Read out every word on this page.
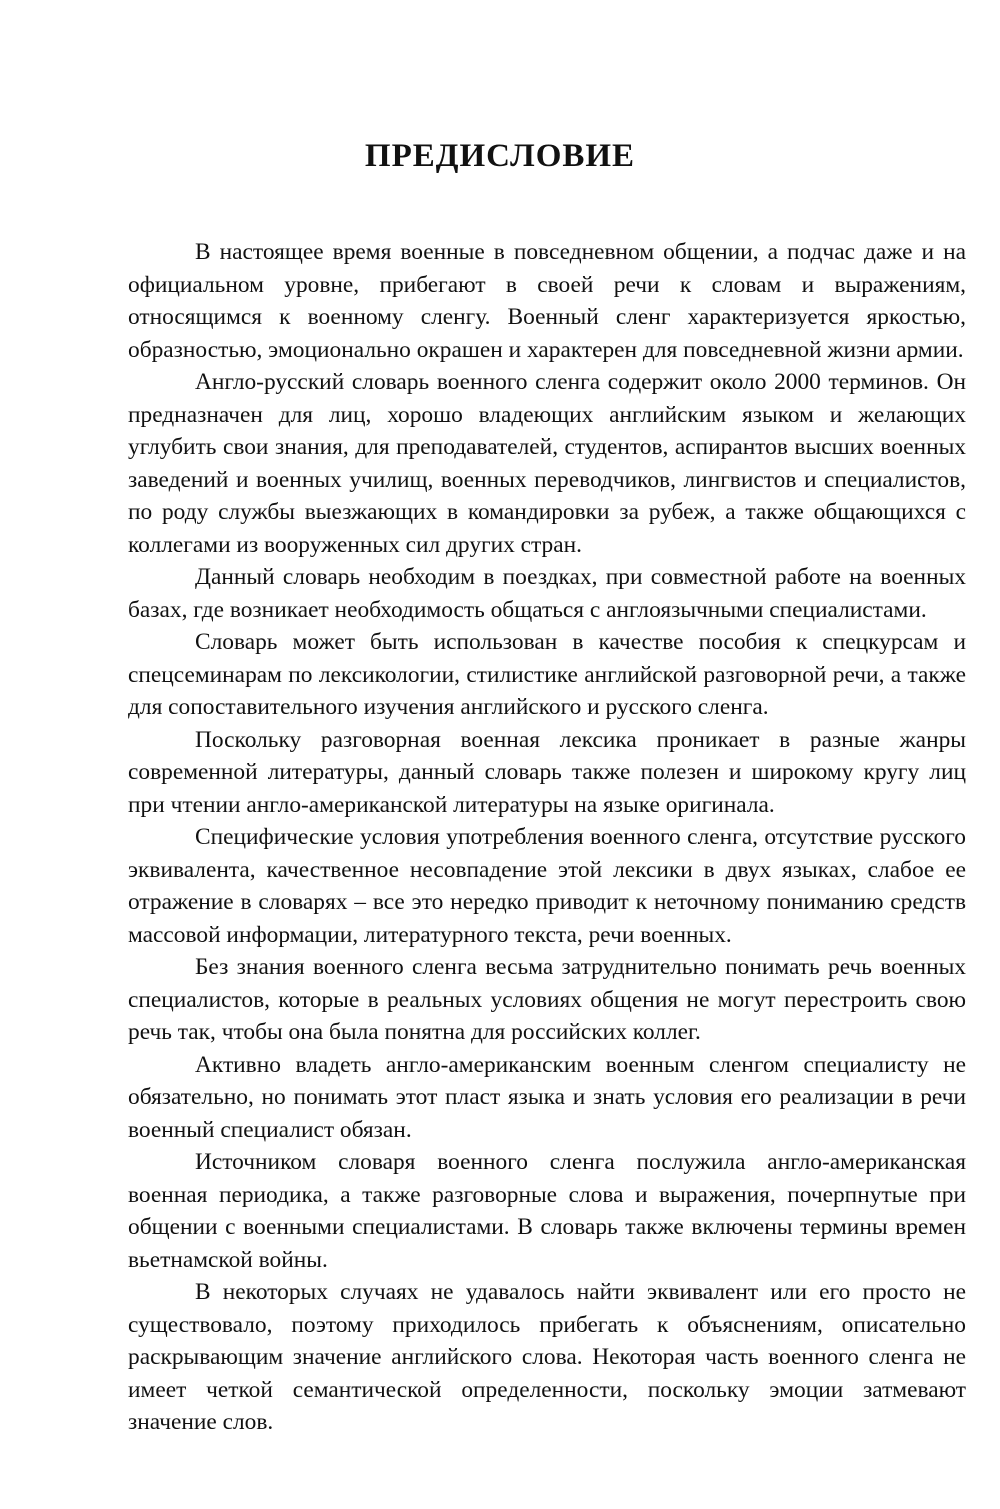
ПРЕДИСЛОВИЕ

В настоящее время военные в повседневном общении, а подчас даже и на официальном уровне, прибегают в своей речи к словам и выражениям, относящимся к военному сленгу. Военный сленг характеризуется яркостью, образностью, эмоционально окрашен и характерен для повседневной жизни армии.

Англо-русский словарь военного сленга содержит около 2000 терминов. Он предназначен для лиц, хорошо владеющих английским языком и желающих углубить свои знания, для преподавателей, студентов, аспирантов высших военных заведений и военных училищ, военных переводчиков, лингвистов и специалистов, по роду службы выезжающих в командировки за рубеж, а также общающихся с коллегами из вооруженных сил других стран.

Данный словарь необходим в поездках, при совместной работе на военных базах, где возникает необходимость общаться с англоязычными специалистами.

Словарь может быть использован в качестве пособия к спецкурсам и спецсеминарам по лексикологии, стилистике английской разговорной речи, а также для сопоставительного изучения английского и русского сленга.

Поскольку разговорная военная лексика проникает в разные жанры современной литературы, данный словарь также полезен и широкому кругу лиц при чтении англо-американской литературы на языке оригинала.

Специфические условия употребления военного сленга, отсутствие русского эквивалента, качественное несовпадение этой лексики в двух языках, слабое ее отражение в словарях – все это нередко приводит к неточному пониманию средств массовой информации, литературного текста, речи военных.

Без знания военного сленга весьма затруднительно понимать речь военных специалистов, которые в реальных условиях общения не могут перестроить свою речь так, чтобы она была понятна для российских коллег.

Активно владеть англо-американским военным сленгом специалисту не обязательно, но понимать этот пласт языка и знать условия его реализации в речи военный специалист обязан.

Источником словаря военного сленга послужила англо-американская военная периодика, а также разговорные слова и выражения, почерпнутые при общении с военными специалистами. В словарь также включены термины времен вьетнамской войны.

В некоторых случаях не удавалось найти эквивалент или его просто не существовало, поэтому приходилось прибегать к объяснениям, описательно раскрывающим значение английского слова. Некоторая часть военного сленга не имеет четкой семантической определенности, поскольку эмоции затмевают значение слов.
